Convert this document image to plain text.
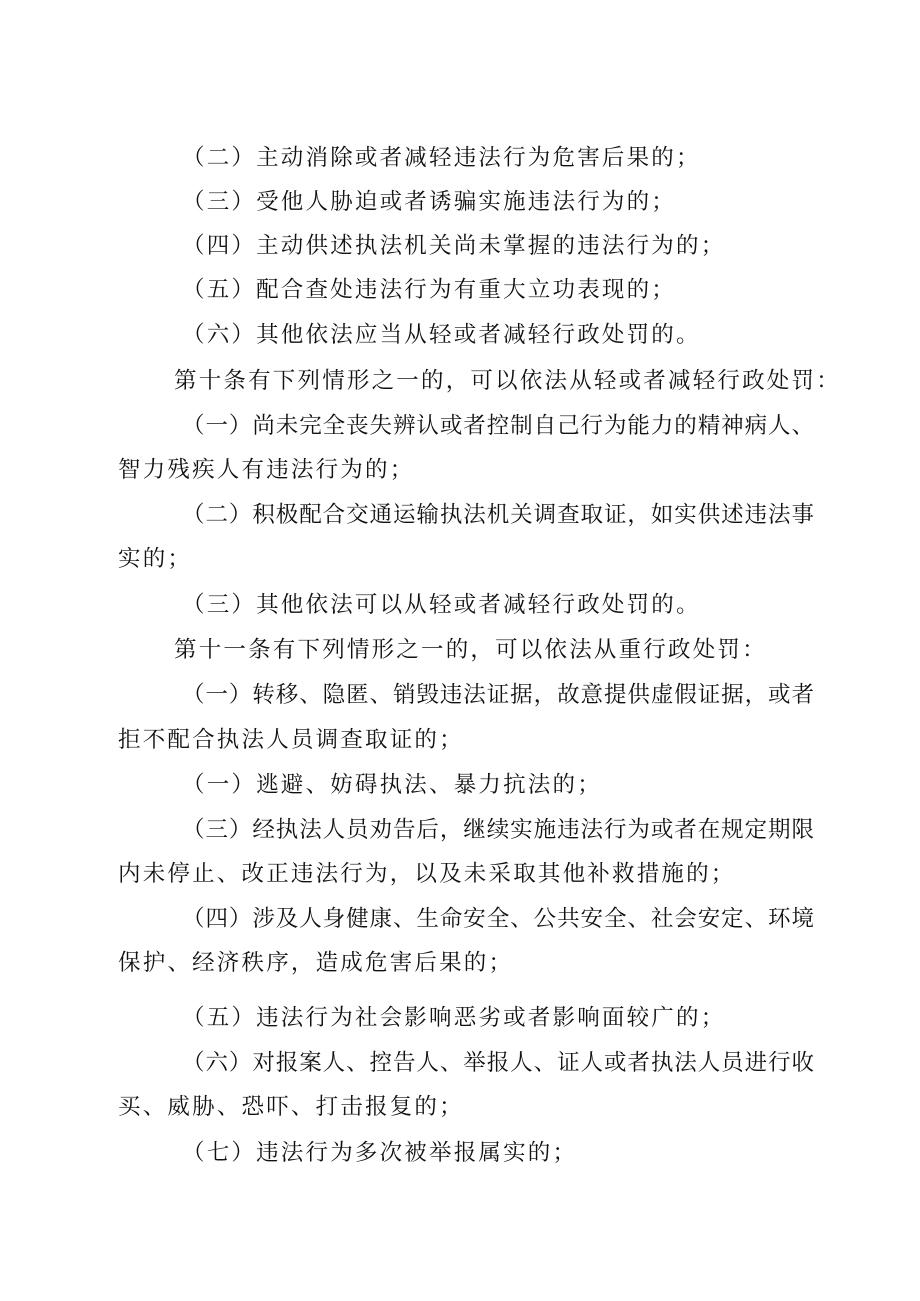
（二）主动消除或者减轻违法行为危害后果的；
（三）受他人胁迫或者诱骗实施违法行为的；
（四）主动供述执法机关尚未掌握的违法行为的；
（五）配合查处违法行为有重大立功表现的；
（六）其他依法应当从轻或者减轻行政处罚的。
第十条有下列情形之一的，可以依法从轻或者减轻行政处罚：
（一）尚未完全丧失辨认或者控制自己行为能力的精神病人、
智力残疾人有违法行为的；
（二）积极配合交通运输执法机关调查取证，如实供述违法事
实的；
（三）其他依法可以从轻或者减轻行政处罚的。
第十一条有下列情形之一的，可以依法从重行政处罚：
（一）转移、隐匿、销毁违法证据，故意提供虚假证据，或者
拒不配合执法人员调查取证的；
（一）逃避、妨碍执法、暴力抗法的；
（三）经执法人员劝告后，继续实施违法行为或者在规定期限
内未停止、改正违法行为，以及未采取其他补救措施的；
（四）涉及人身健康、生命安全、公共安全、社会安定、环境
保护、经济秩序，造成危害后果的；
（五）违法行为社会影响恶劣或者影响面较广的；
（六）对报案人、控告人、举报人、证人或者执法人员进行收
买、威胁、恐吓、打击报复的；
（七）违法行为多次被举报属实的；
